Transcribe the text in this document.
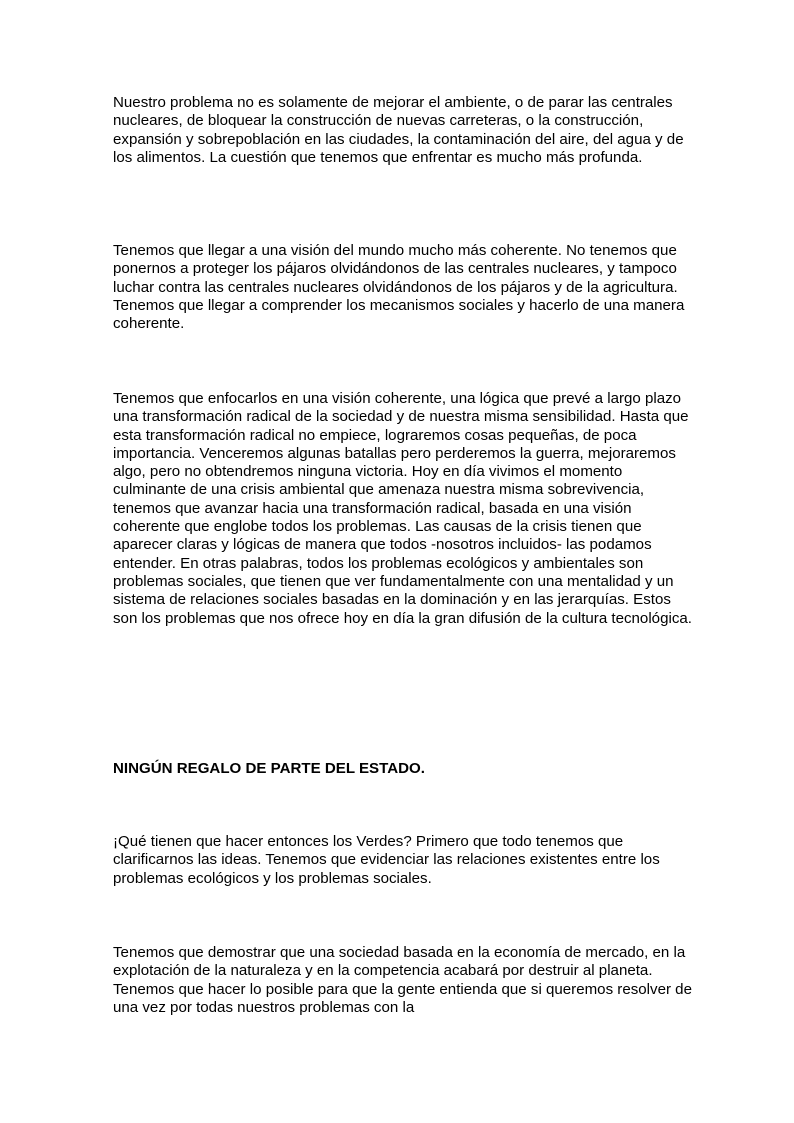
Nuestro problema no es solamente de mejorar el ambiente, o de parar las centrales nucleares, de bloquear la construcción de nuevas carreteras, o la construcción, expansión y sobrepoblación en las ciudades, la contaminación del aire, del agua y de los alimentos. La cuestión que tenemos que enfrentar es mucho más profunda.

Tenemos que llegar a una visión del mundo mucho más coherente. No tenemos que ponernos a proteger los pájaros olvidándonos de las centrales nucleares, y tampoco luchar contra las centrales nucleares olvidándonos de los pájaros y de la agricultura. Tenemos que llegar a comprender los mecanismos sociales y hacerlo de una manera coherente.

Tenemos que enfocarlos en una visión coherente, una lógica que prevé a largo plazo una transformación radical de la sociedad y de nuestra misma sensibilidad. Hasta que esta transformación radical no empiece, lograremos cosas pequeñas, de poca importancia. Venceremos algunas batallas pero perderemos la guerra, mejoraremos algo, pero no obtendremos ninguna victoria. Hoy en día vivimos el momento culminante de una crisis ambiental que amenaza nuestra misma sobrevivencia, tenemos que avanzar hacia una transformación radical, basada en una visión coherente que englobe todos los problemas. Las causas de la crisis tienen que aparecer claras y lógicas de manera que todos -nosotros incluidos- las podamos entender. En otras palabras, todos los problemas ecológicos y ambientales son problemas sociales, que tienen que ver fundamentalmente con una mentalidad y un sistema de relaciones sociales basadas en la dominación y en las jerarquías. Estos son los problemas que nos ofrece hoy en día la gran difusión de la cultura tecnológica.

NINGÚN REGALO DE PARTE DEL ESTADO.

¡Qué tienen que hacer entonces los Verdes? Primero que todo tenemos que clarificarnos las ideas. Tenemos que evidenciar las relaciones existentes entre los problemas ecológicos y los problemas sociales.

Tenemos que demostrar que una sociedad basada en la economía de mercado, en la explotación de la naturaleza y en la competencia acabará por destruir al planeta. Tenemos que hacer lo posible para que la gente entienda que si queremos resolver de una vez por todas nuestros problemas con la
